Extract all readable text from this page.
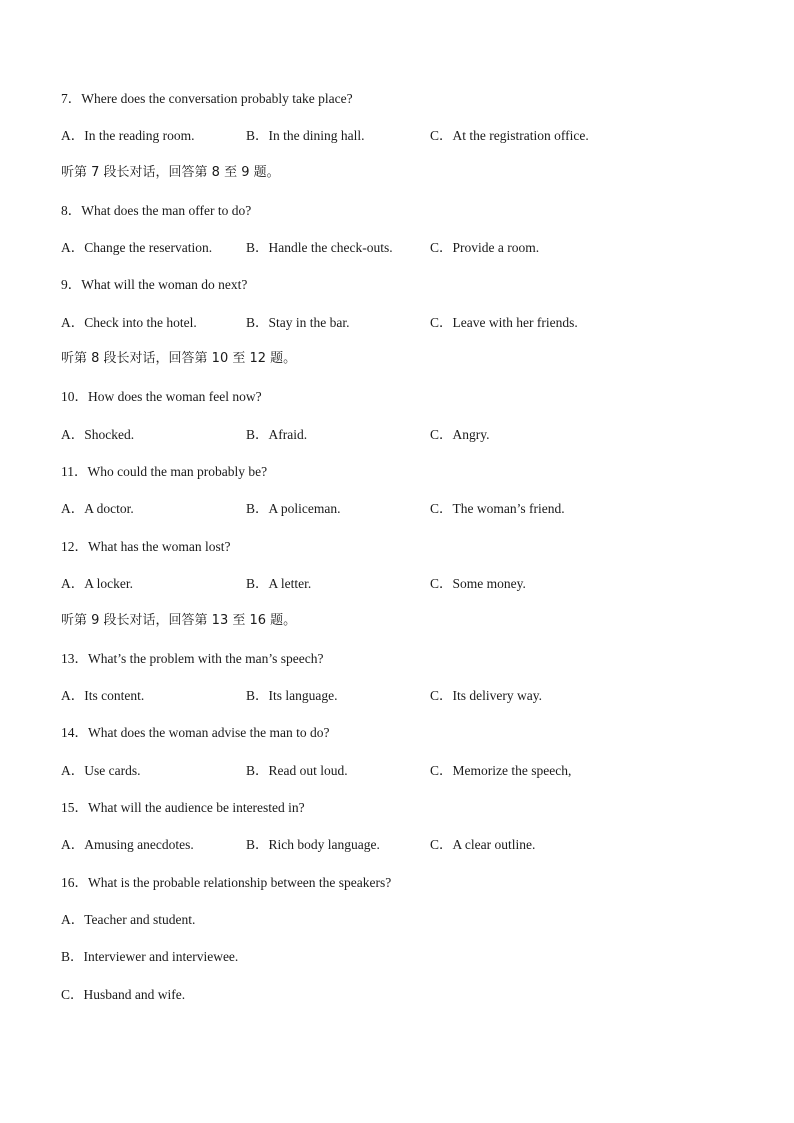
7．Where does the conversation probably take place?
A．In the reading room.	B．In the dining hall.	C．At the registration office.
听第 7 段长对话，回答第 8 至 9 题。
8．What does the man offer to do?
A．Change the reservation.	B．Handle the check-outs.	C．Provide a room.
9．What will the woman do next?
A．Check into the hotel.	B．Stay in the bar.	C．Leave with her friends.
听第 8 段长对话，回答第 10 至 12 题。
10．How does the woman feel now?
A．Shocked.	B．Afraid.	C．Angry.
11．Who could the man probably be?
A．A doctor.	B．A policeman.	C．The woman’s friend.
12．What has the woman lost?
A．A locker.	B．A letter.	C．Some money.
听第 9 段长对话，回答第 13 至 16 题。
13．What’s the problem with the man’s speech?
A．Its content.	B．Its language.	C．Its delivery way.
14．What does the woman advise the man to do?
A．Use cards.	B．Read out loud.	C．Memorize the speech,
15．What will the audience be interested in?
A．Amusing anecdotes.	B．Rich body language.	C．A clear outline.
16．What is the probable relationship between the speakers?
A．Teacher and student.
B．Interviewer and interviewee.
C．Husband and wife.
